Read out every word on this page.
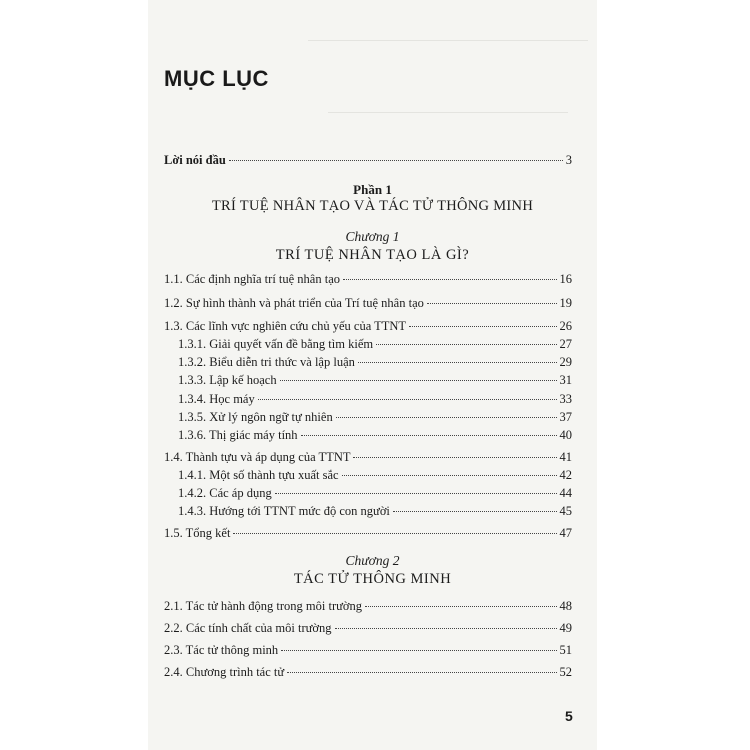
MỤC LỤC
Lời nói đầu	3
Phần 1
TRÍ TUỆ NHÂN TẠO VÀ TÁC TỬ THÔNG MINH
Chương 1
TRÍ TUỆ NHÂN TẠO LÀ GÌ?
1.1. Các định nghĩa trí tuệ nhân tạo	16
1.2. Sự hình thành và phát triển của Trí tuệ nhân tạo	19
1.3. Các lĩnh vực nghiên cứu chủ yếu của TTNT	26
1.3.1. Giải quyết vấn đề bằng tìm kiếm	27
1.3.2. Biểu diễn tri thức và lập luận	29
1.3.3. Lập kế hoạch	31
1.3.4. Học máy	33
1.3.5. Xử lý ngôn ngữ tự nhiên	37
1.3.6. Thị giác máy tính	40
1.4. Thành tựu và áp dụng của TTNT	41
1.4.1. Một số thành tựu xuất sắc	42
1.4.2. Các áp dụng	44
1.4.3. Hướng tới TTNT mức độ con người	45
1.5. Tổng kết	47
Chương 2
TÁC TỬ THÔNG MINH
2.1. Tác tử hành động trong môi trường	48
2.2. Các tính chất của môi trường	49
2.3. Tác tử thông minh	51
2.4. Chương trình tác tử	52
5
